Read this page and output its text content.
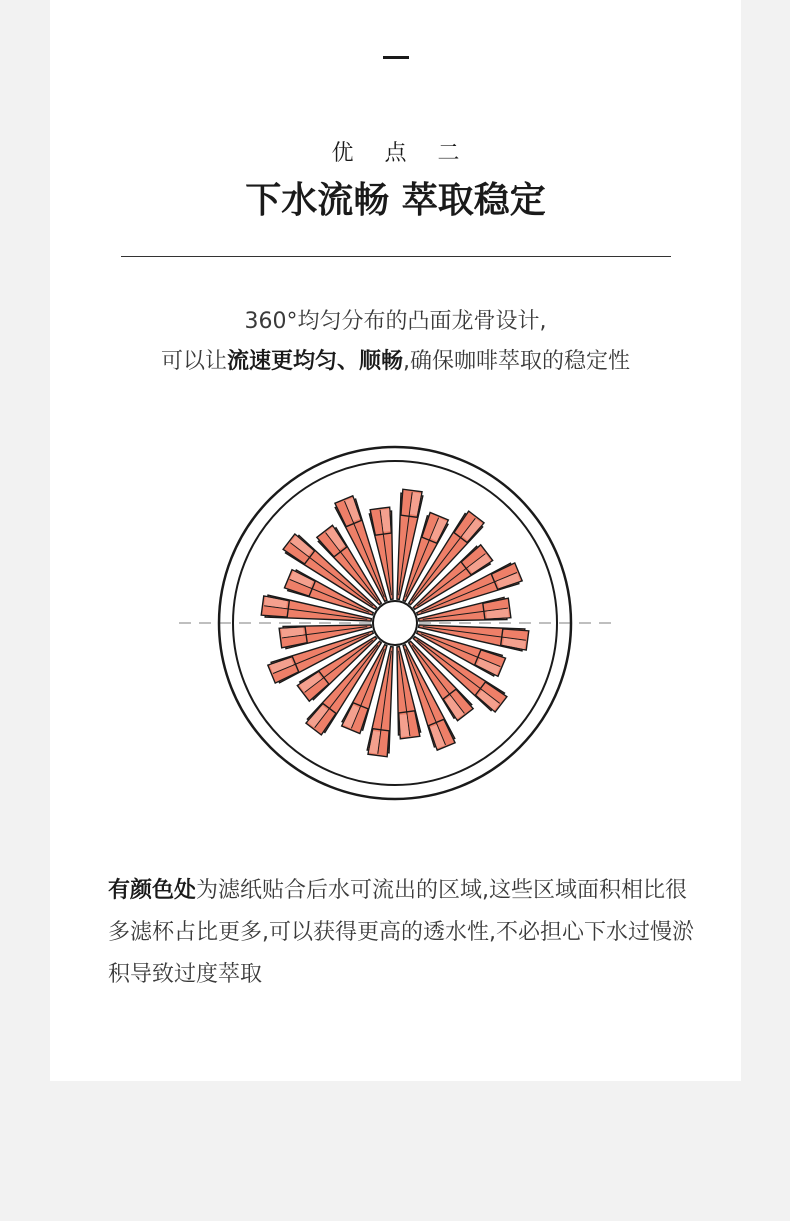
优 点 二
下水流畅 萃取稳定
360°均匀分布的凸面龙骨设计,
可以让流速更均匀、顺畅,确保咖啡萃取的稳定性
有颜色处为滤纸贴合后水可流出的区域,这些区域面积相比很多滤杯占比更多,可以获得更高的透水性,不必担心下水过慢淤积导致过度萃取
